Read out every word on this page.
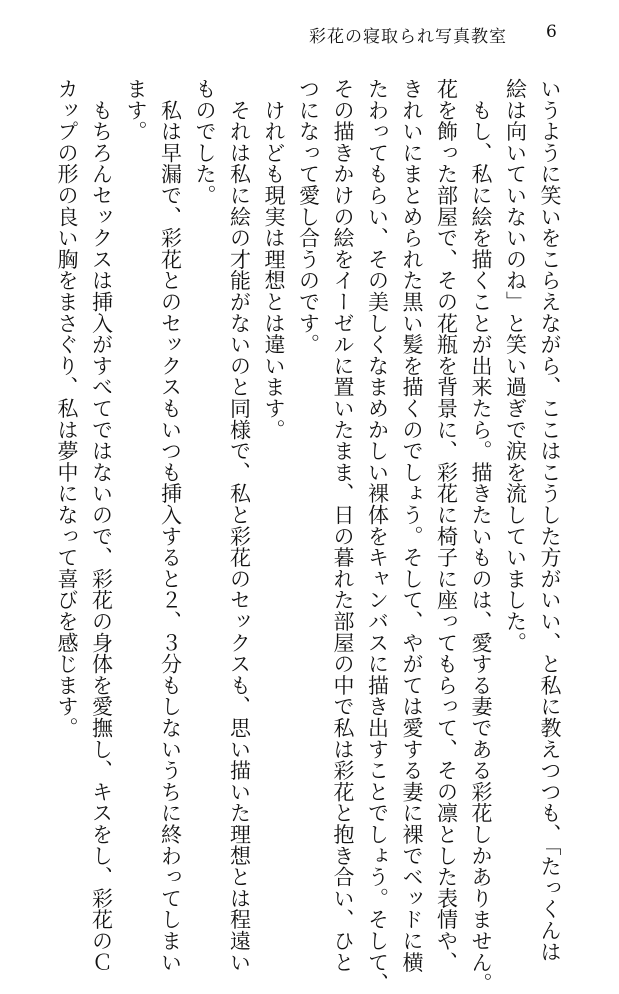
彩花の寝取られ写真教室 6

いうように笑いをこらえながら、ここはこうした方がいい、と私に教えつつも、「たっくんは
絵は向いていないのね」と笑い過ぎで涙を流していました。

　もし、私に絵を描くことが出来たら。描きたいものは、愛する妻である彩花しかありません。
花を飾った部屋で、その花瓶を背景に、彩花に椅子に座ってもらって、その凛とした表情や、
きれいにまとめられた黒い髪を描くのでしょう。そして、やがては愛する妻に裸でベッドに横
たわってもらい、その美しくなまめかしい裸体をキャンバスに描き出すことでしょう。そして、
その描きかけの絵をイーゼルに置いたまま、日の暮れた部屋の中で私は彩花と抱き合い、ひと
つになって愛し合うのです。

　けれども現実は理想とは違います。
　それは私に絵の才能がないのと同様で、私と彩花のセックスも、思い描いた理想とは程遠い
ものでした。

　私は早漏で、彩花とのセックスもいつも挿入すると２、３分もしないうちに終わってしまい
ます。

　もちろんセックスは挿入がすべてではないので、彩花の身体を愛撫し、キスをし、彩花のＣ
カップの形の良い胸をまさぐり、私は夢中になって喜びを感じます。
